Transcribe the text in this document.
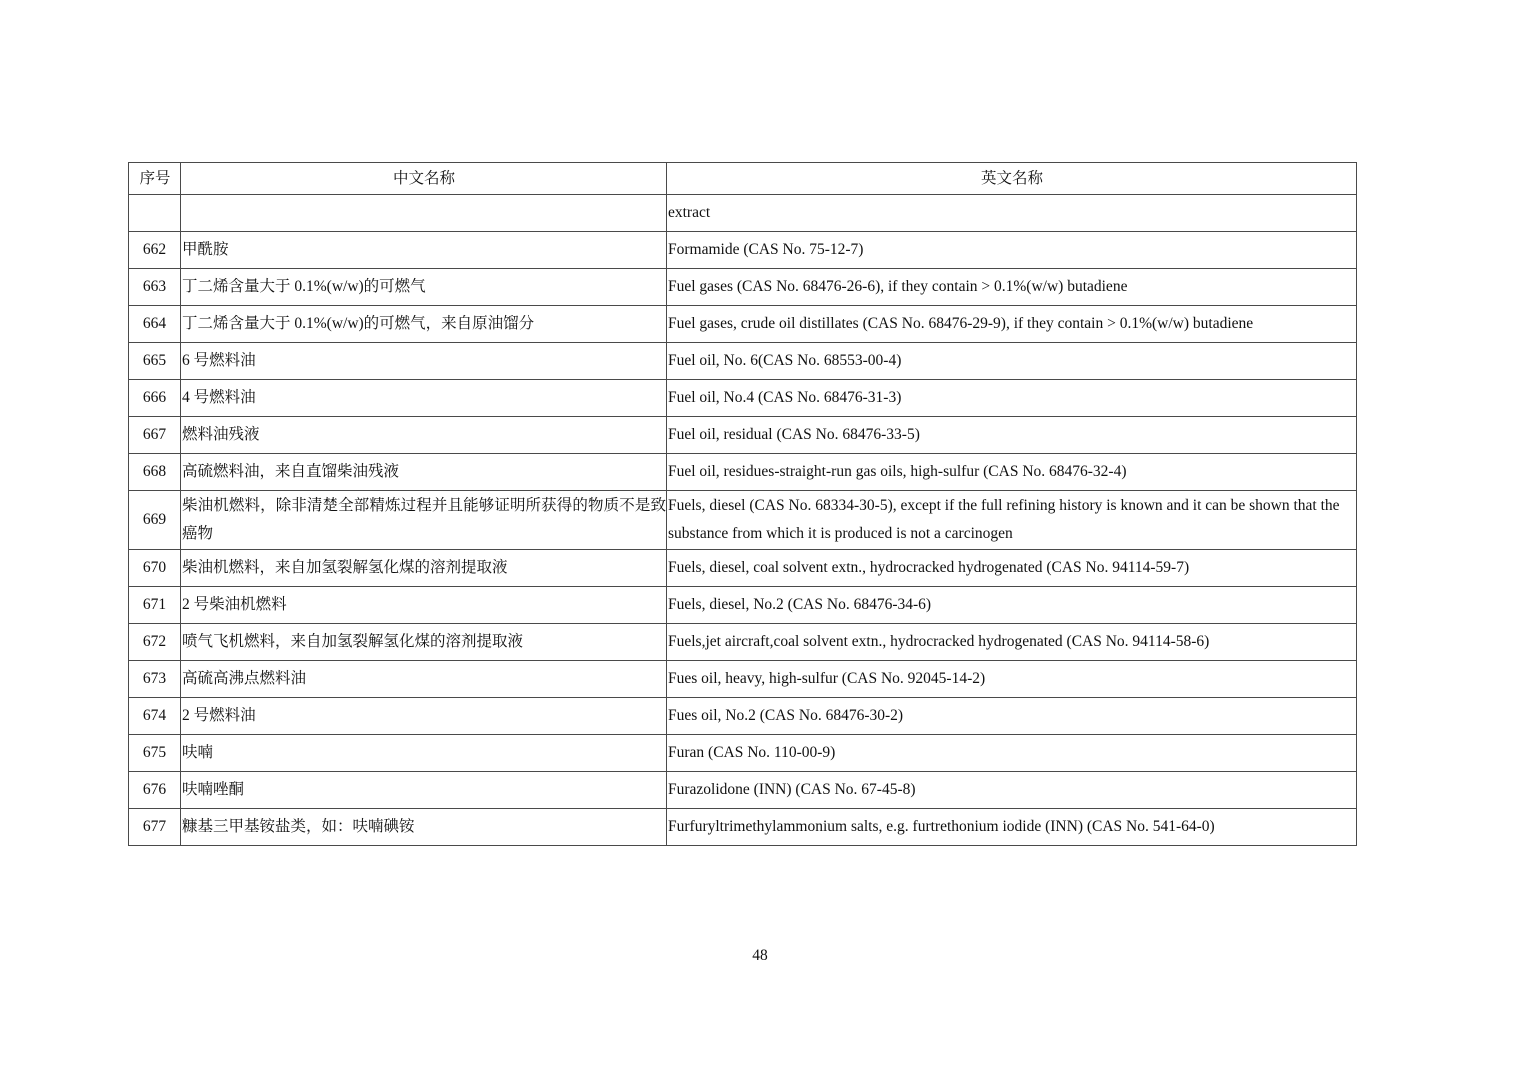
序号	中文名称	英文名称
		extract
662	甲酰胺	Formamide (CAS No. 75-12-7)
663	丁二烯含量大于 0.1%(w/w)的可燃气	Fuel gases (CAS No. 68476-26-6), if they contain > 0.1%(w/w) butadiene
664	丁二烯含量大于 0.1%(w/w)的可燃气，来自原油馏分	Fuel gases, crude oil distillates (CAS No. 68476-29-9), if they contain > 0.1%(w/w) butadiene
665	6 号燃料油	Fuel oil, No. 6(CAS No. 68553-00-4)
666	4 号燃料油	Fuel oil, No.4 (CAS No. 68476-31-3)
667	燃料油残液	Fuel oil, residual (CAS No. 68476-33-5)
668	高硫燃料油，来自直馏柴油残液	Fuel oil, residues-straight-run gas oils, high-sulfur (CAS No. 68476-32-4)
669	柴油机燃料，除非清楚全部精炼过程并且能够证明所获得的物质不是致癌物	Fuels, diesel (CAS No. 68334-30-5), except if the full refining history is known and it can be shown that the substance from which it is produced is not a carcinogen
670	柴油机燃料，来自加氢裂解氢化煤的溶剂提取液	Fuels, diesel, coal solvent extn., hydrocracked hydrogenated (CAS No. 94114-59-7)
671	2 号柴油机燃料	Fuels, diesel, No.2 (CAS No. 68476-34-6)
672	喷气飞机燃料，来自加氢裂解氢化煤的溶剂提取液	Fuels,jet aircraft,coal solvent extn., hydrocracked hydrogenated (CAS No. 94114-58-6)
673	高硫高沸点燃料油	Fues oil, heavy, high-sulfur (CAS No. 92045-14-2)
674	2 号燃料油	Fues oil, No.2 (CAS No. 68476-30-2)
675	呋喃	Furan (CAS No. 110-00-9)
676	呋喃唑酮	Furazolidone (INN) (CAS No. 67-45-8)
677	糠基三甲基铵盐类，如：呋喃碘铵	Furfuryltrimethylammonium salts, e.g. furtrethonium iodide (INN) (CAS No. 541-64-0)
48
